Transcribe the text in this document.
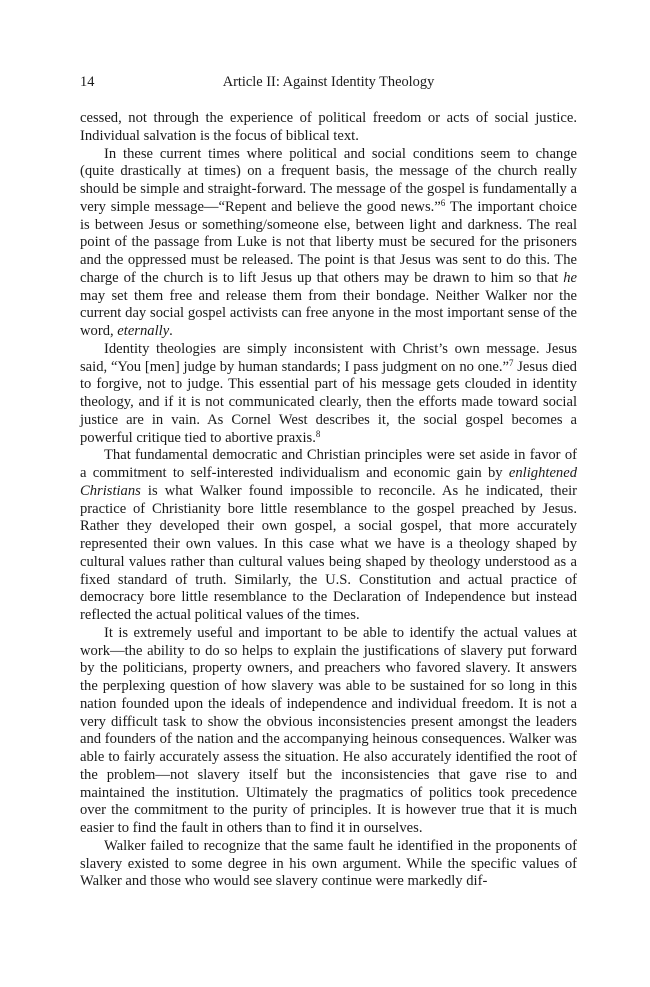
14	Article II: Against Identity Theology

cessed, not through the experience of political freedom or acts of social justice. Individual salvation is the focus of biblical text.

In these current times where political and social conditions seem to change (quite drastically at times) on a frequent basis, the message of the church really should be simple and straight-forward. The message of the gospel is fundamentally a very simple message—“Repent and believe the good news.”$^6$ The important choice is between Jesus or something/someone else, between light and darkness. The real point of the passage from Luke is not that liberty must be secured for the prisoners and the oppressed must be released. The point is that Jesus was sent to do this. The charge of the church is to lift Jesus up that others may be drawn to him so that he may set them free and release them from their bondage. Neither Walker nor the current day social gospel activists can free anyone in the most important sense of the word, eternally.

Identity theologies are simply inconsistent with Christ’s own message. Jesus said, “You [men] judge by human standards; I pass judgment on no one.”$^7$ Jesus died to forgive, not to judge. This essential part of his message gets clouded in identity theology, and if it is not communicated clearly, then the efforts made toward social justice are in vain. As Cornel West describes it, the social gospel becomes a powerful critique tied to abortive praxis.$^8$

That fundamental democratic and Christian principles were set aside in favor of a commitment to self-interested individualism and economic gain by enlightened Christians is what Walker found impossible to reconcile. As he indicated, their practice of Christianity bore little resemblance to the gospel preached by Jesus. Rather they developed their own gospel, a social gospel, that more accurately represented their own values. In this case what we have is a theology shaped by cultural values rather than cultural values being shaped by theology understood as a fixed standard of truth. Similarly, the U.S. Constitution and actual practice of democracy bore little resemblance to the Declaration of Independence but instead reflected the actual political values of the times.

It is extremely useful and important to be able to identify the actual values at work—the ability to do so helps to explain the justifications of slavery put forward by the politicians, property owners, and preachers who favored slavery. It answers the perplexing question of how slavery was able to be sustained for so long in this nation founded upon the ideals of independence and individual freedom. It is not a very difficult task to show the obvious inconsistencies present amongst the leaders and founders of the nation and the accompanying heinous consequences. Walker was able to fairly accurately assess the situation. He also accurately identified the root of the problem—not slavery itself but the inconsistencies that gave rise to and maintained the institution. Ultimately the pragmatics of politics took precedence over the commitment to the purity of principles. It is however true that it is much easier to find the fault in others than to find it in ourselves.

Walker failed to recognize that the same fault he identified in the proponents of slavery existed to some degree in his own argument. While the specific values of Walker and those who would see slavery continue were markedly dif-
